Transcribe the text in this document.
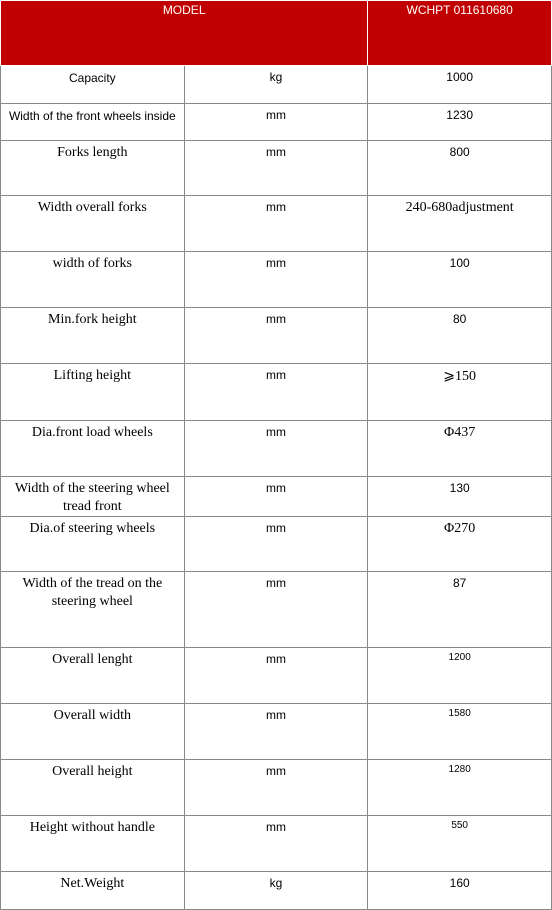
MODEL		WCHPT 011610680
Capacity	kg	1000
Width of the front wheels inside	mm	1230
Forks length	mm	800
Width overall forks	mm	240-680adjustment
width of forks	mm	100
Min.fork height	mm	80
Lifting height	mm	⩾150
Dia.front load wheels	mm	Φ437
Width of the steering wheel tread front	mm	130
Dia.of steering wheels	mm	Φ270
Width of the tread on the steering wheel	mm	87
Overall lenght	mm	1200
Overall width	mm	1580
Overall height	mm	1280
Height without handle	mm	550
Net.Weight	kg	160
